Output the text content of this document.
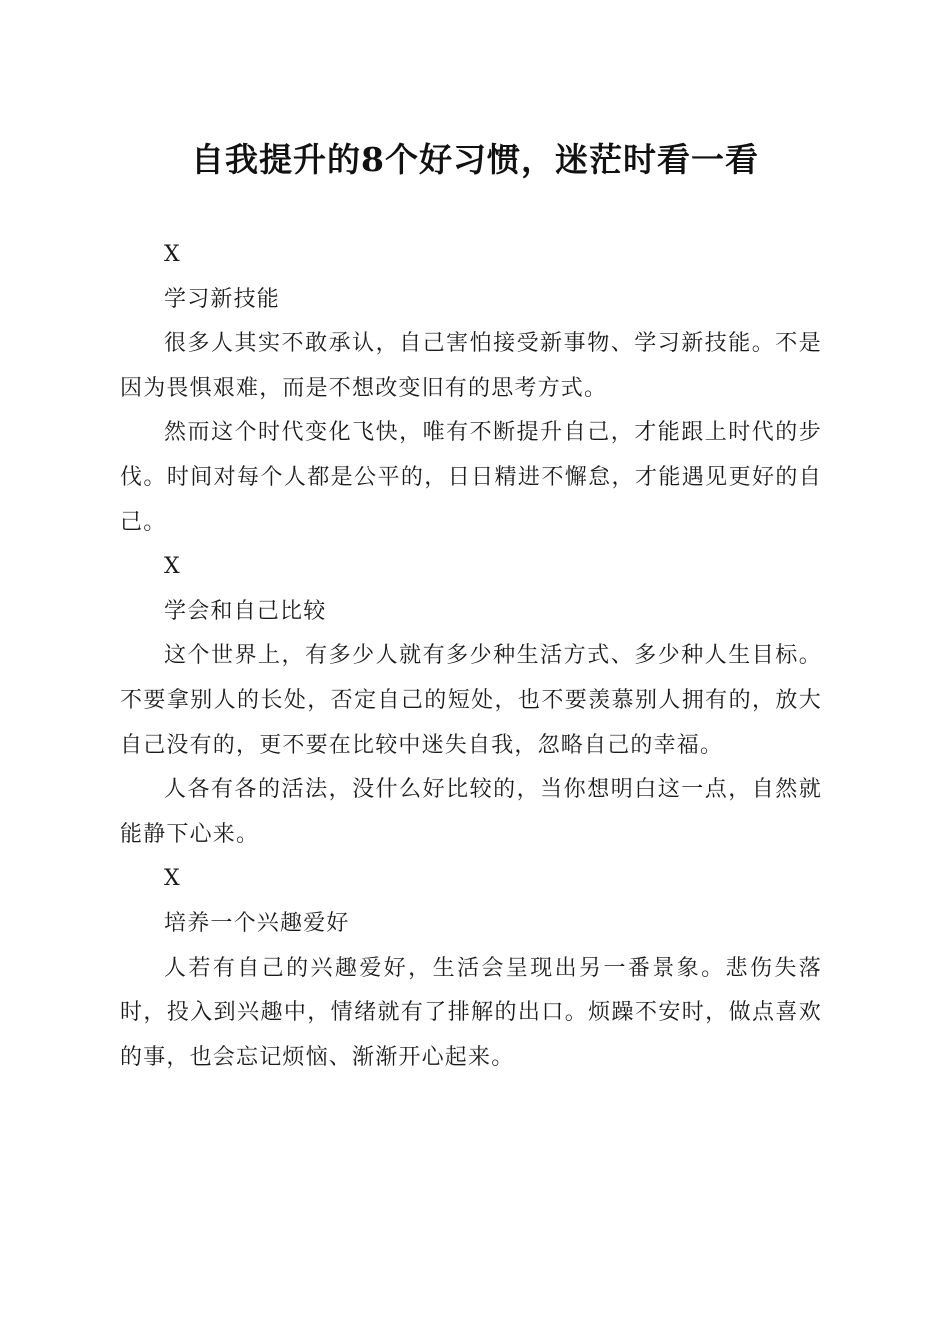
自我提升的8个好习惯，迷茫时看一看

X

学习新技能

很多人其实不敢承认，自己害怕接受新事物、学习新技能。不是因为畏惧艰难，而是不想改变旧有的思考方式。

然而这个时代变化飞快，唯有不断提升自己，才能跟上时代的步伐。时间对每个人都是公平的，日日精进不懈怠，才能遇见更好的自己。

X

学会和自己比较

这个世界上，有多少人就有多少种生活方式、多少种人生目标。不要拿别人的长处，否定自己的短处，也不要羡慕别人拥有的，放大自己没有的，更不要在比较中迷失自我，忽略自己的幸福。

人各有各的活法，没什么好比较的，当你想明白这一点，自然就能静下心来。

X

培养一个兴趣爱好

人若有自己的兴趣爱好，生活会呈现出另一番景象。悲伤失落时，投入到兴趣中，情绪就有了排解的出口。烦躁不安时，做点喜欢的事，也会忘记烦恼、渐渐开心起来。
